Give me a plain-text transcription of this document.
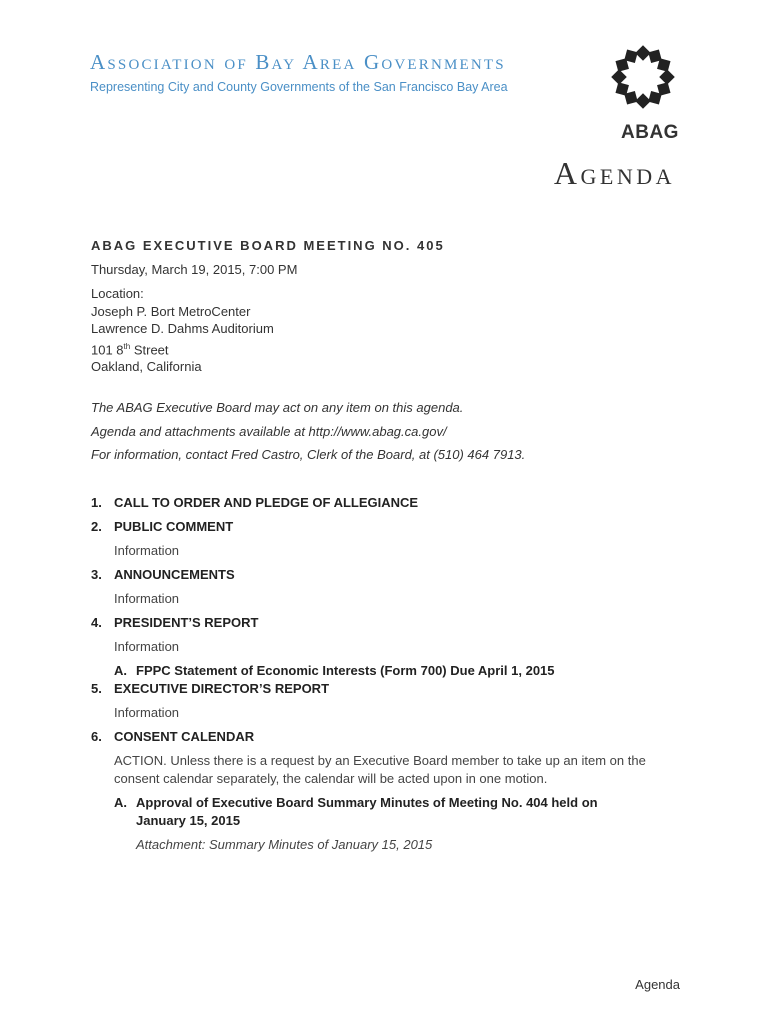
Association of Bay Area Governments
Representing City and County Governments of the San Francisco Bay Area
ABAG
Agenda
ABAG EXECUTIVE BOARD MEETING NO. 405
Thursday, March 19, 2015, 7:00 PM
Location:
Joseph P. Bort MetroCenter
Lawrence D. Dahms Auditorium
101 8th Street
Oakland, California
The ABAG Executive Board may act on any item on this agenda.
Agenda and attachments available at http://www.abag.ca.gov/
For information, contact Fred Castro, Clerk of the Board, at (510) 464 7913.
1. CALL TO ORDER AND PLEDGE OF ALLEGIANCE
2. PUBLIC COMMENT
Information
3. ANNOUNCEMENTS
Information
4. PRESIDENT’S REPORT
Information
A. FPPC Statement of Economic Interests (Form 700) Due April 1, 2015
5. EXECUTIVE DIRECTOR’S REPORT
Information
6. CONSENT CALENDAR
ACTION. Unless there is a request by an Executive Board member to take up an item on the consent calendar separately, the calendar will be acted upon in one motion.
A. Approval of Executive Board Summary Minutes of Meeting No. 404 held on
January 15, 2015
Attachment: Summary Minutes of January 15, 2015
Agenda
